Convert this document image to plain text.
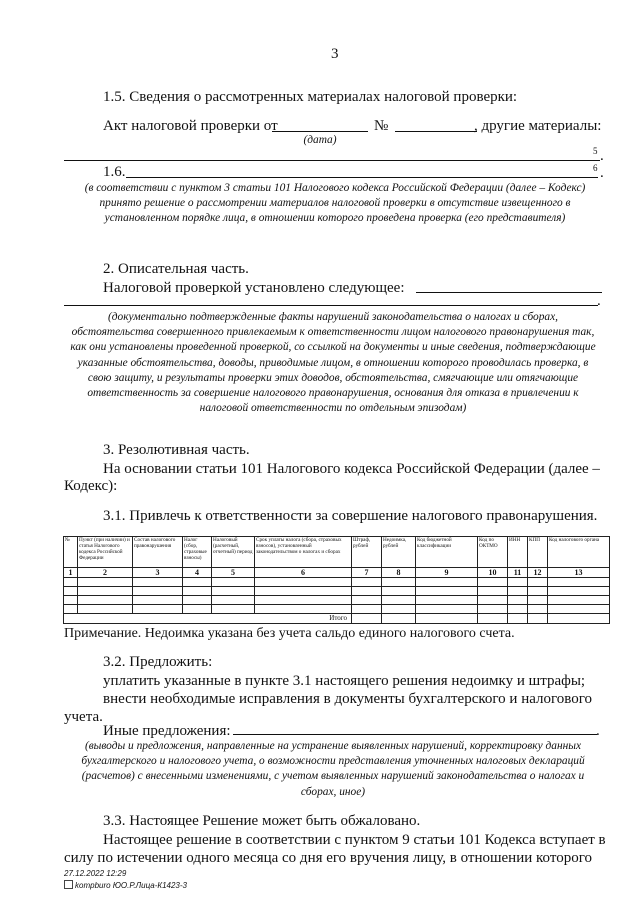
3
1.5. Сведения о рассмотренных материалах налоговой проверки:
Акт налоговой проверки от	№	, другие материалы:
(дата)
5 .
1.6.	6 .
(в соответствии с пунктом 3 статьи 101 Налогового кодекса Российской Федерации (далее – Кодекс) принято решение о рассмотрении материалов налоговой проверки в отсутствие извещенного в установленном порядке лица, в отношении которого проведена проверка (его представителя)
2. Описательная часть.
Налоговой проверкой установлено следующее:
.
(документально подтвержденные факты нарушений законодательства о налогах и сборах, обстоятельства совершенного привлекаемым к ответственности лицом налогового правонарушения так, как они установлены проведенной проверкой, со ссылкой на документы и иные сведения, подтверждающие указанные обстоятельства, доводы, приводимые лицом, в отношении которого проводилась проверка, в свою защиту, и результаты проверки этих доводов, обстоятельства, смягчающие или отягчающие ответственность за совершение налогового правонарушения, основания для отказа в привлечении к налоговой ответственности по отдельным эпизодам)
3. Резолютивная часть.
На основании статьи 101 Налогового кодекса Российской Федерации (далее –
Кодекс):
3.1. Привлечь к ответственности за совершение налогового правонарушения.
№	Пункт (при наличии) и статья Налогового кодекса Российской Федерации	Состав налогового правонарушения	Налог (сбор, страховые взносы)	Налоговый (расчетный, отчетный) период	Срок уплаты налога (сбора, страховых взносов), установленный законодательством о налогах и сборах	Штраф, рублей	Недоимка, рублей	Код бюджетной классификации	Код по ОКТМО	ИНН	КПП	Код налогового органа
1	2	3	4	5	6	7	8	9	10	11	12	13

Итого												
Примечание. Недоимка указана без учета сальдо единого налогового счета.
3.2. Предложить:
уплатить указанные в пункте 3.1 настоящего решения недоимку и штрафы;
внести необходимые исправления в документы бухгалтерского и налогового
учета.
Иные предложения:	.
(выводы и предложения, направленные на устранение выявленных нарушений, корректировку данных бухгалтерского и налогового учета, о возможности представления уточненных налоговых деклараций (расчетов) с внесенными изменениями, с учетом выявленных нарушений законодательства о налогах и сборах, иное)
3.3. Настоящее Решение может быть обжаловано.
Настоящее решение в соответствии с пунктом 9 статьи 101 Кодекса вступает в
силу по истечении одного месяца со дня его вручения лицу, в отношении которого
27.12.2022 12:29
kompburo ЮО.Р.Лица-К1423-3
